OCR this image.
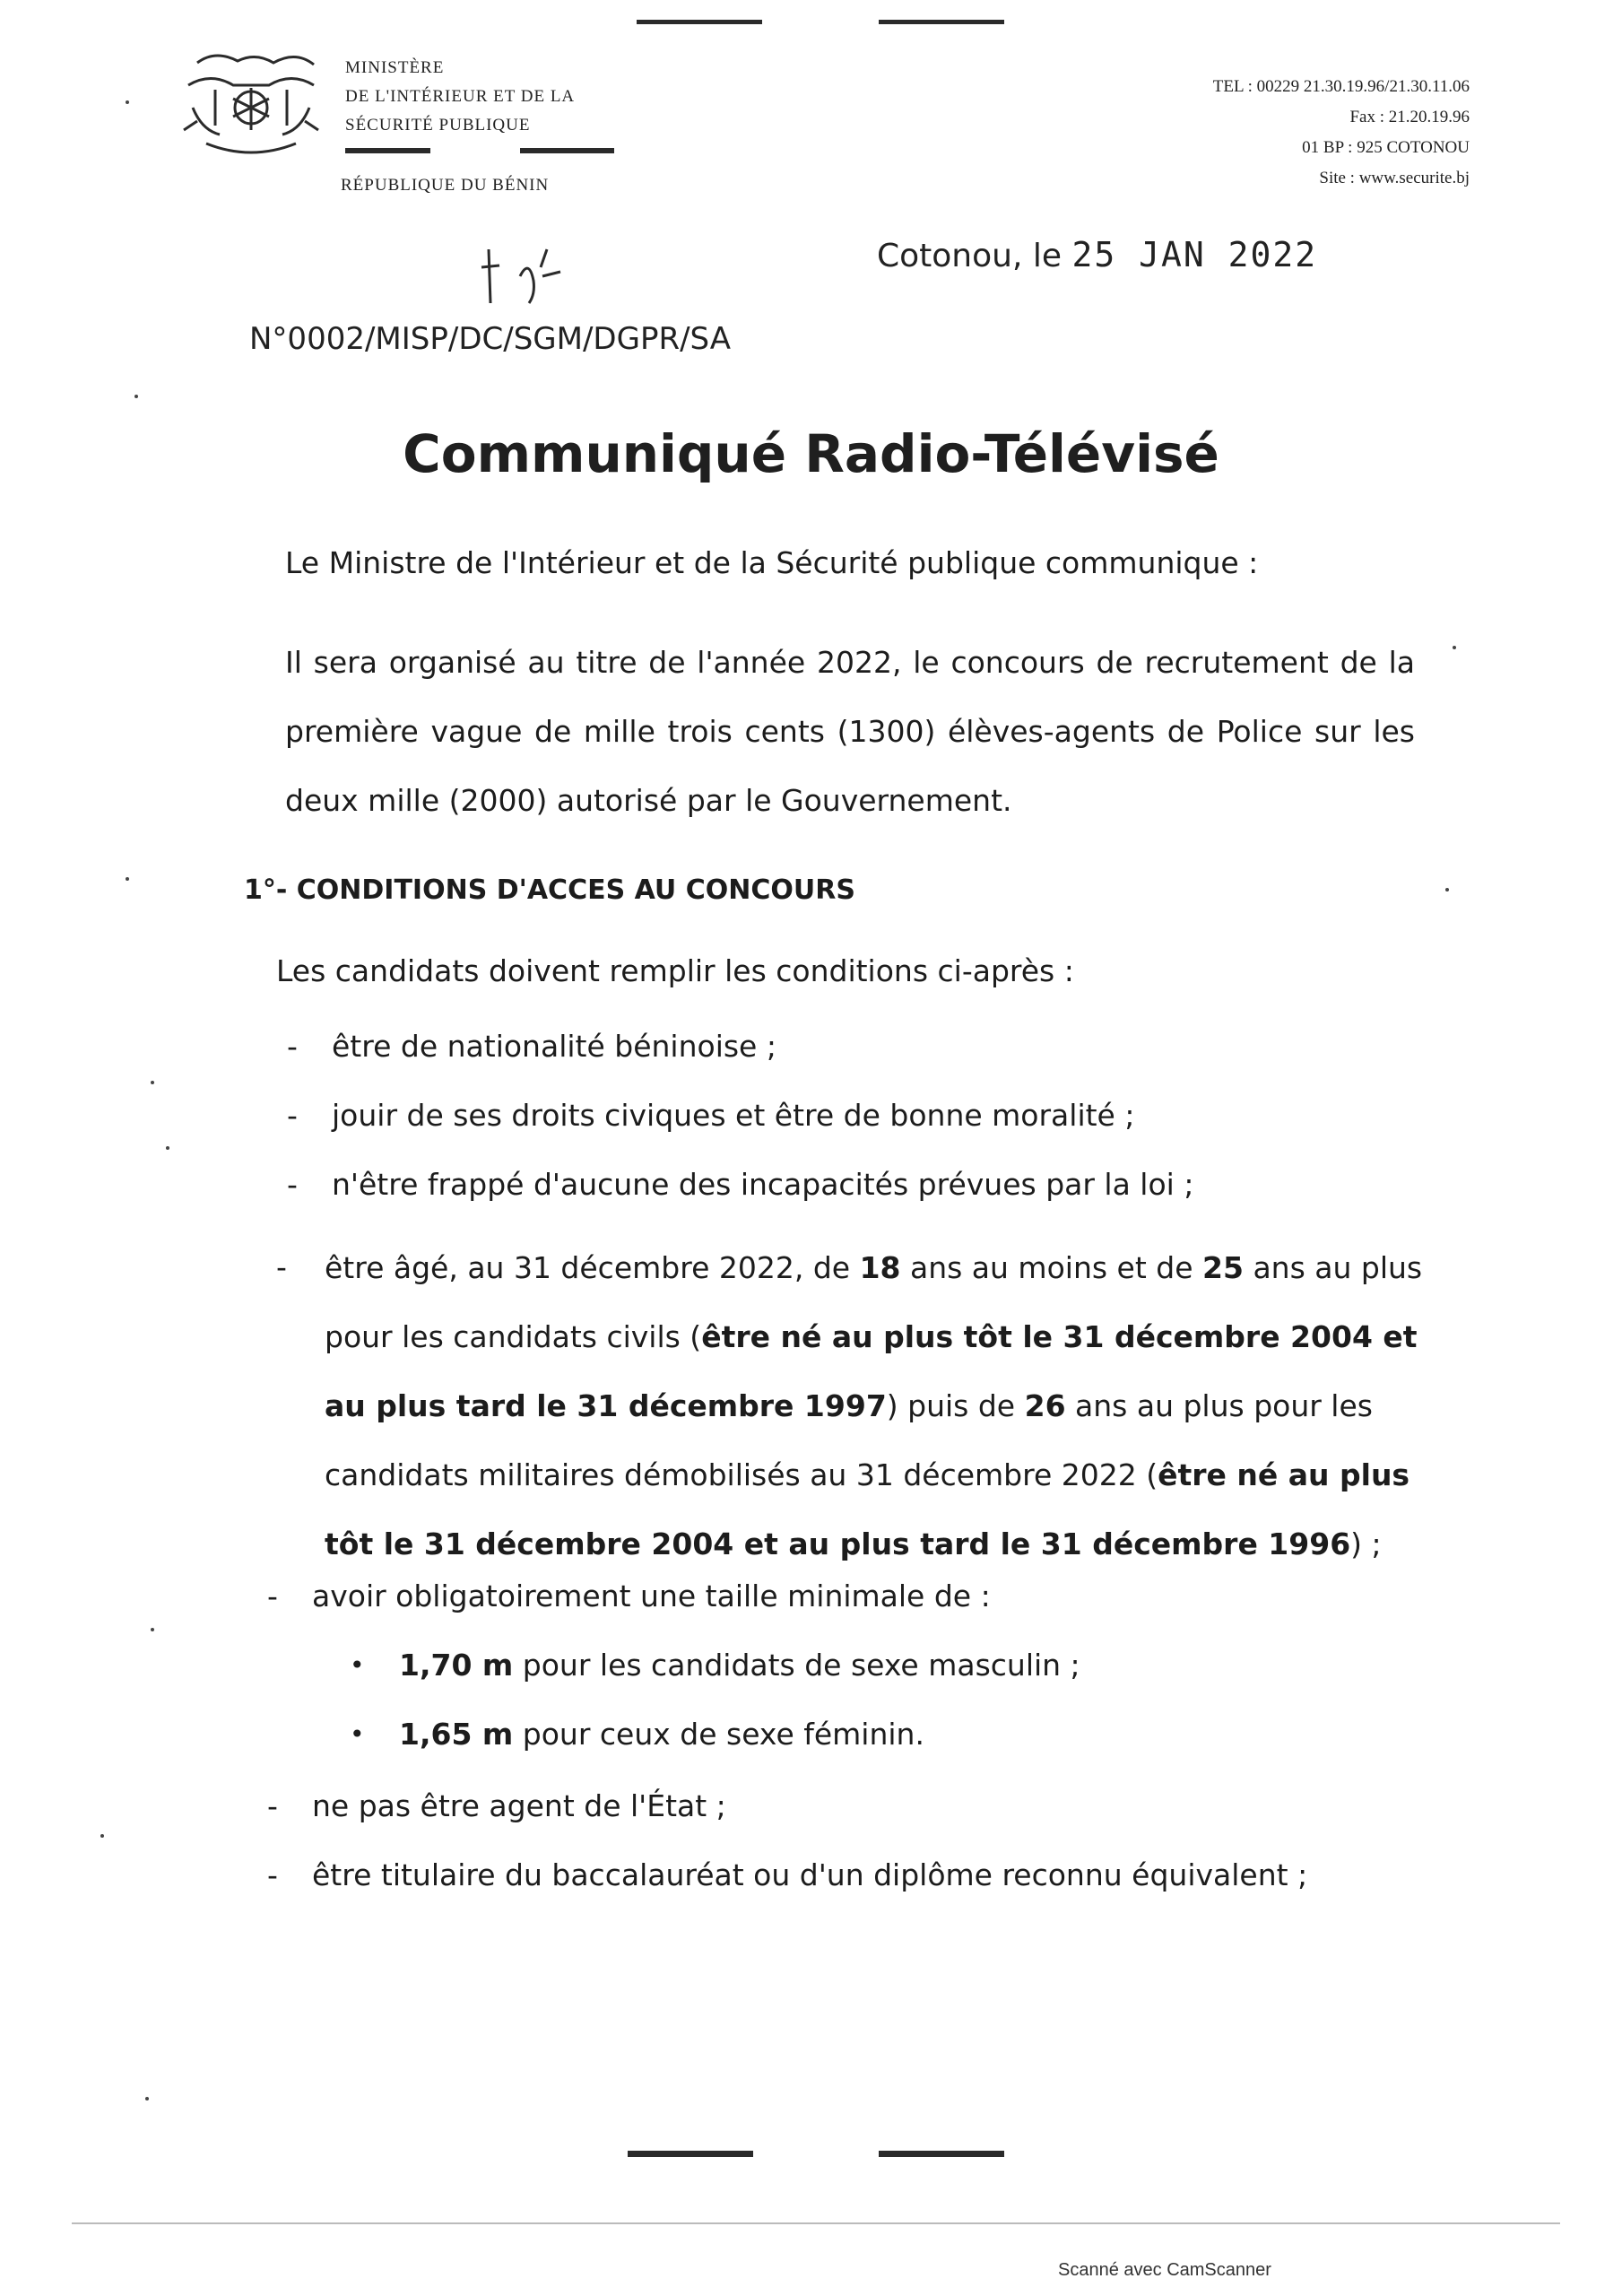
MINISTÈRE
DE L'INTÉRIEUR ET DE LA
SÉCURITÉ PUBLIQUE
RÉPUBLIQUE DU BÉNIN
TEL : 00229 21.30.19.96/21.30.11.06
Fax : 21.20.19.96
01 BP : 925 COTONOU
Site : www.securite.bj
Cotonou, le 25 JAN 2022
N°0002/MISP/DC/SGM/DGPR/SA
Communiqué Radio-Télévisé
Le Ministre de l'Intérieur et de la Sécurité publique communique :
Il sera organisé au titre de l'année 2022, le concours de recrutement de la première vague de mille trois cents (1300) élèves-agents de Police sur les deux mille (2000) autorisé par le Gouvernement.
1°- CONDITIONS D'ACCES AU CONCOURS
Les candidats doivent remplir les conditions ci-après :
- être de nationalité béninoise ;
- jouir de ses droits civiques et être de bonne moralité ;
- n'être frappé d'aucune des incapacités prévues par la loi ;
- être âgé, au 31 décembre 2022, de 18 ans au moins et de 25 ans au plus pour les candidats civils (être né au plus tôt le 31 décembre 2004 et au plus tard le 31 décembre 1997) puis de 26 ans au plus pour les candidats militaires démobilisés au 31 décembre 2022 (être né au plus tôt le 31 décembre 2004 et au plus tard le 31 décembre 1996) ;
- avoir obligatoirement une taille minimale de :
• 1,70 m pour les candidats de sexe masculin ;
• 1,65 m pour ceux de sexe féminin.
- ne pas être agent de l'État ;
- être titulaire du baccalauréat ou d'un diplôme reconnu équivalent ;
Scanné avec CamScanner
